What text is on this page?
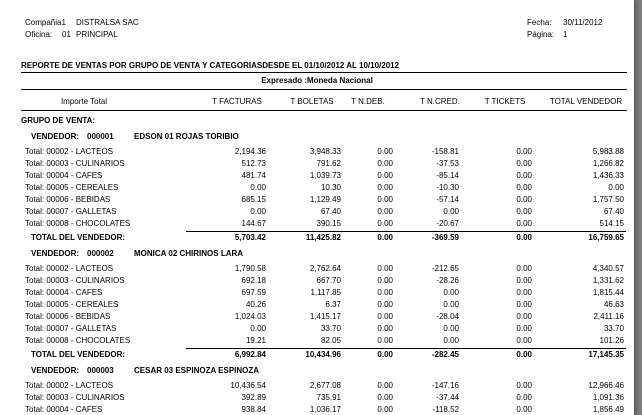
Compañia1 DISTRALSA SAC
Oficina: 01 PRINCIPAL
Fecha: 30/11/2012
Página: 1
REPORTE DE VENTAS POR GRUPO DE VENTA Y CATEGORIASDESDE EL 01/10/2012 AL 10/10/2012
Expresado :Moneda Nacional
Importe Total	T FACTURAS	T BOLETAS	T N.DEB.	T N.CRED.	T TICKETS	TOTAL VENDEDOR
GRUPO DE VENTA:
VENDEDOR: 000001	EDSON 01 ROJAS TORIBIO
Total: 00002 - LACTEOS	2,194.36	3,948.33	0.00	-158.81	0.00	5,983.88
Total: 00003 - CULINARIOS	512.73	791.62	0.00	-37.53	0.00	1,266.82
Total: 00004 - CAFES	481.74	1,039.73	0.00	-85.14	0.00	1,436.33
Total: 00005 - CEREALES	0.00	10.30	0.00	-10.30	0.00	0.00
Total: 00006 - BEBIDAS	685.15	1,129.49	0.00	-57.14	0.00	1,757.50
Total: 00007 - GALLETAS	0.00	67.40	0.00	0.00	0.00	67.40
Total: 00008 - CHOCOLATES	144.67	390.15	0.00	-20.67	0.00	514.15
TOTAL DEL VENDEDOR:	5,703.42	11,425.82	0.00	-369.59	0.00	16,759.65
VENDEDOR: 000002	MONICA 02 CHIRINOS LARA
Total: 00002 - LACTEOS	1,790.58	2,762.64	0.00	-212.65	0.00	4,340.57
Total: 00003 - CULINARIOS	692.18	667.70	0.00	-28.26	0.00	1,331.62
Total: 00004 - CAFES	697.59	1,117.85	0.00	0.00	0.00	1,815.44
Total: 00005 - CEREALES	40.26	6.37	0.00	0.00	0.00	46.63
Total: 00006 - BEBIDAS	1,024.03	1,415.17	0.00	-28.04	0.00	2,411.16
Total: 00007 - GALLETAS	0.00	33.70	0.00	0.00	0.00	33.70
Total: 00008 - CHOCOLATES	19.21	82.05	0.00	0.00	0.00	101.26
TOTAL DEL VENDEDOR:	6,992.84	10,434.96	0.00	-282.45	0.00	17,145.35
VENDEDOR: 000003	CESAR 03 ESPINOZA ESPINOZA
Total: 00002 - LACTEOS	10,436.54	2,677.08	0.00	-147.16	0.00	12,966.46
Total: 00003 - CULINARIOS	392.89	735.91	0.00	-37.44	0.00	1,091.36
Total: 00004 - CAFES	938.84	1,036.17	0.00	-118.52	0.00	1,856.49
